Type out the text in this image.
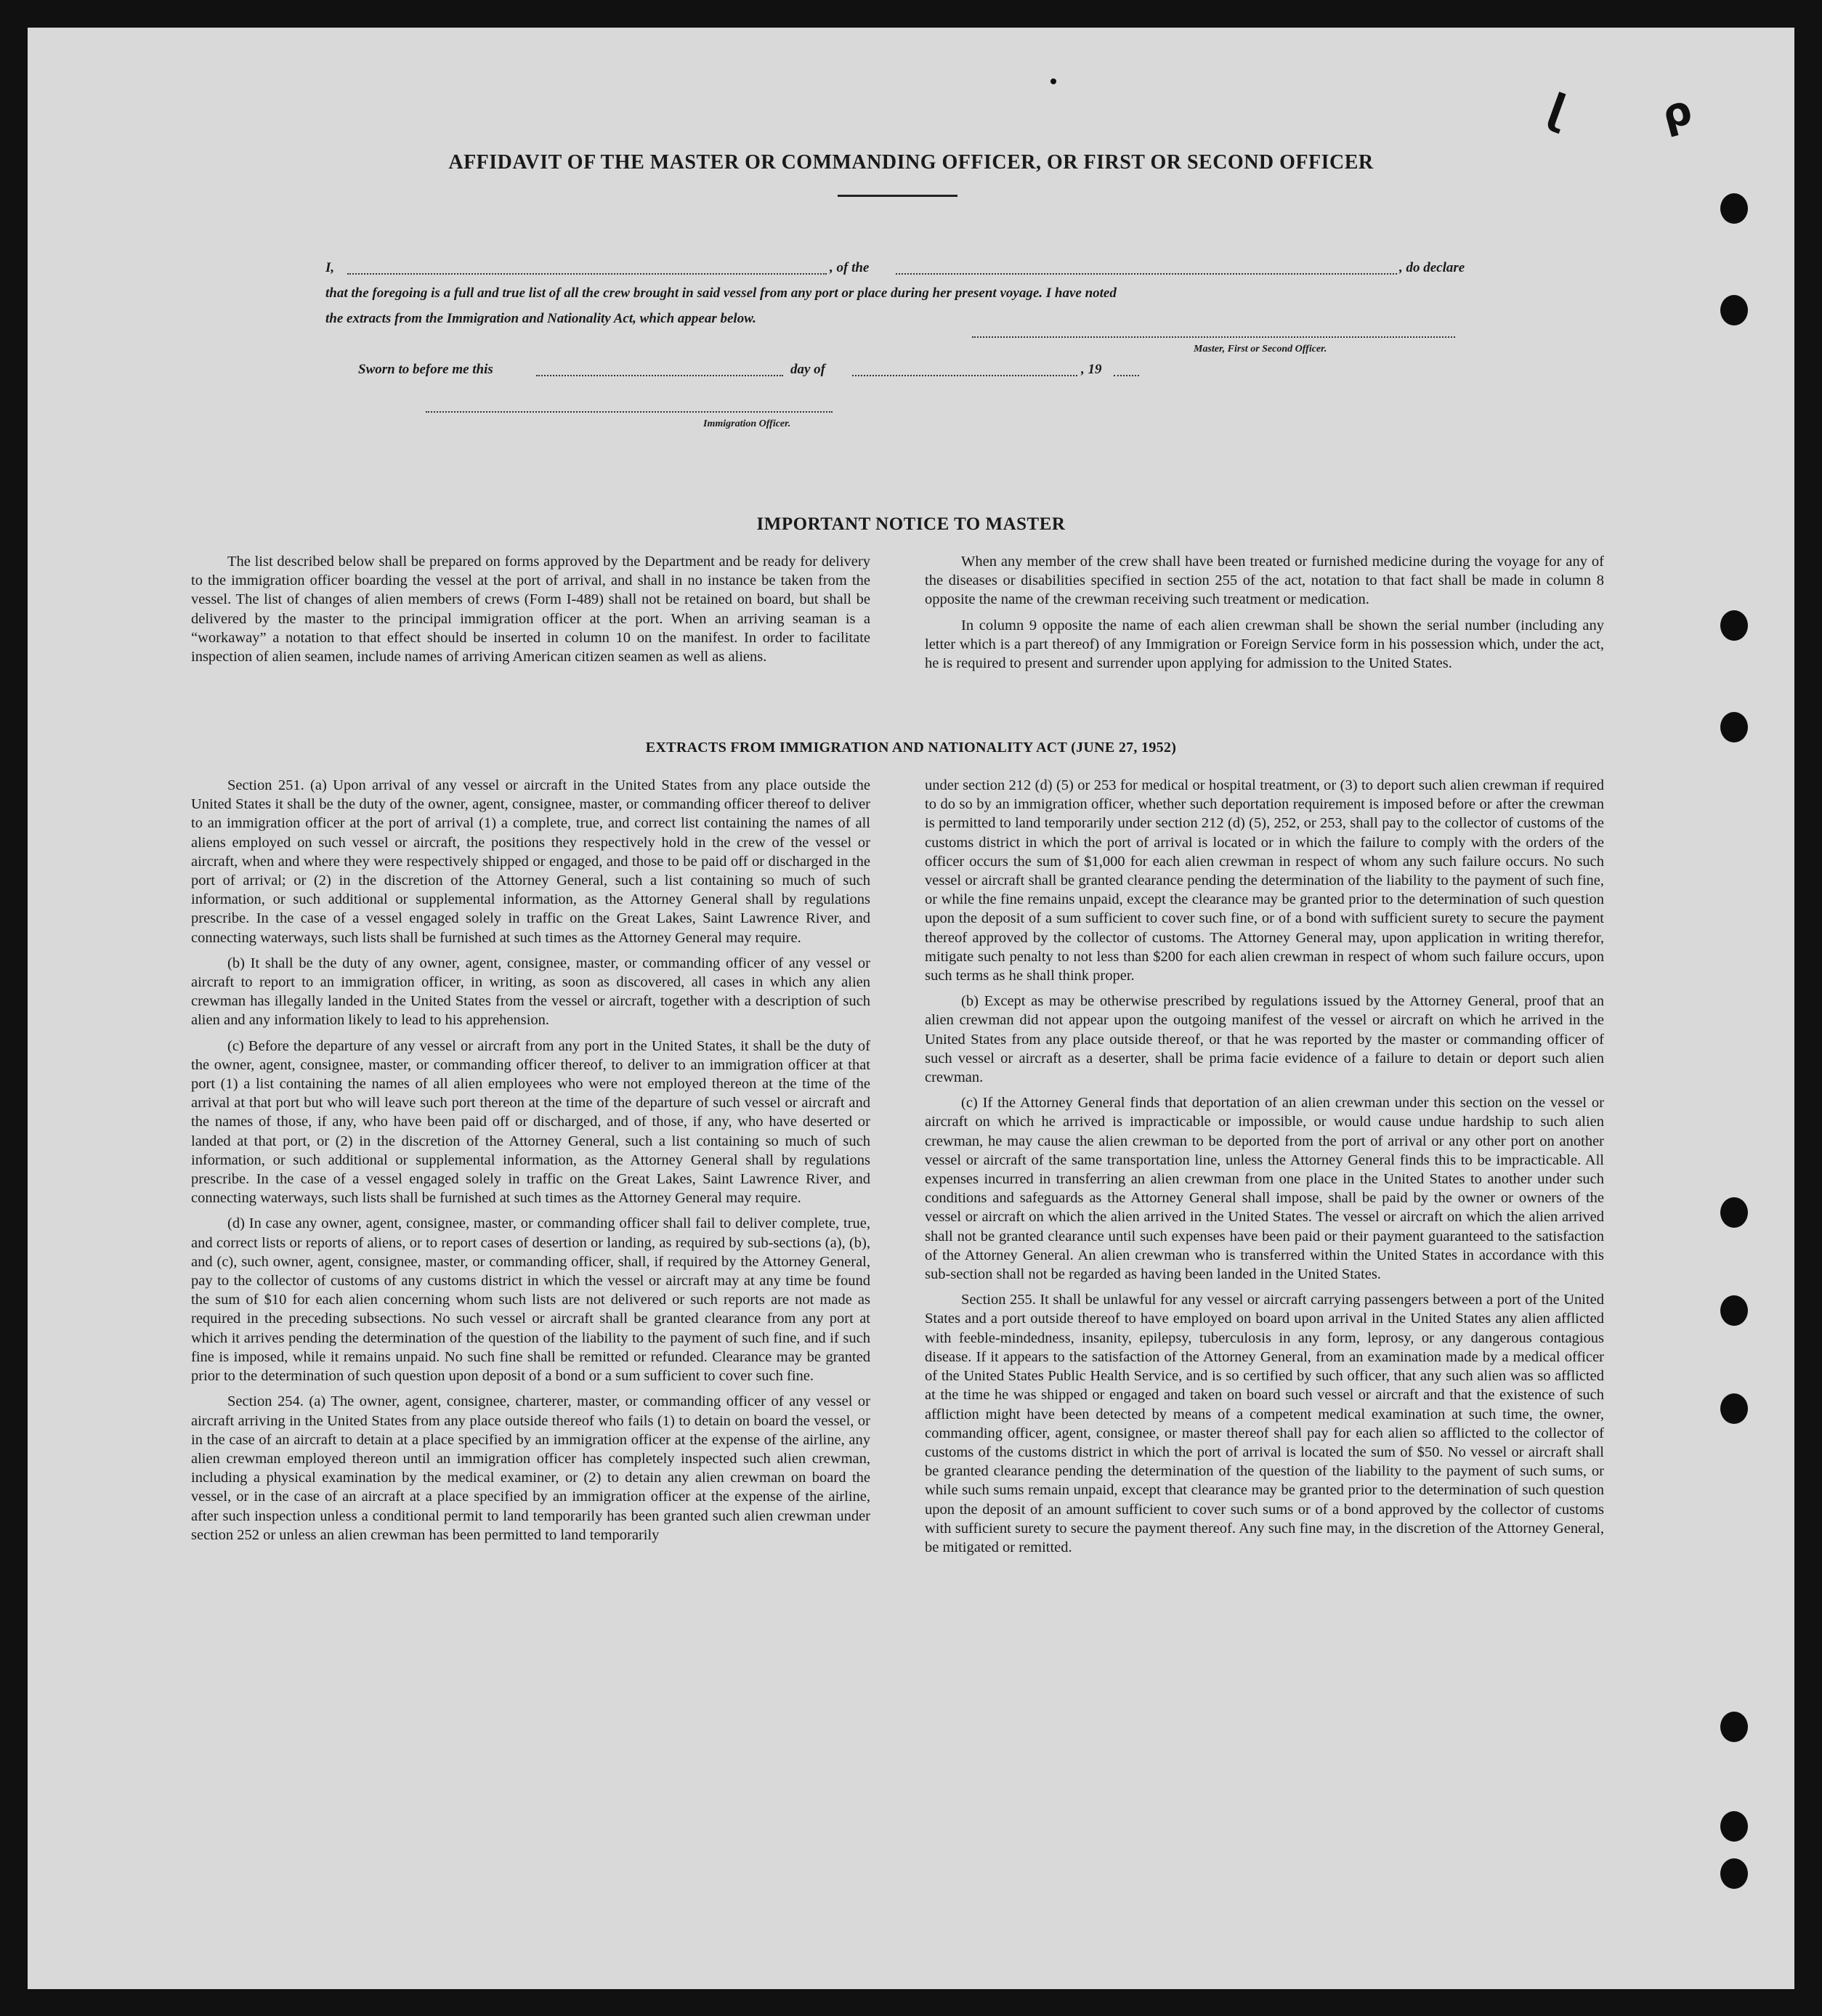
ɭ ρ
AFFIDAVIT OF THE MASTER OR COMMANDING OFFICER, OR FIRST OR SECOND OFFICER
I,	, of the	, do declare
that the foregoing is a full and true list of all the crew brought in said vessel from any port or place during her present voyage. I have noted
the extracts from the Immigration and Nationality Act, which appear below.
Master, First or Second Officer.
Sworn to before me this	day of	, 19
Immigration Officer.
IMPORTANT NOTICE TO MASTER

The list described below shall be prepared on forms approved by the Department and be ready for delivery to the immigration officer boarding the vessel at the port of arrival, and shall in no instance be taken from the vessel. The list of changes of alien members of crews (Form I-489) shall not be retained on board, but shall be delivered by the master to the principal immigration officer at the port. When an arriving seaman is a “workaway” a notation to that effect should be inserted in column 10 on the manifest. In order to facilitate inspection of alien seamen, include names of arriving American citizen seamen as well as aliens.

When any member of the crew shall have been treated or furnished medicine during the voyage for any of the diseases or disabilities specified in section 255 of the act, notation to that fact shall be made in column 8 opposite the name of the crewman receiving such treatment or medication.

In column 9 opposite the name of each alien crewman shall be shown the serial number (including any letter which is a part thereof) of any Immigration or Foreign Service form in his possession which, under the act, he is required to present and surrender upon applying for admission to the United States.

EXTRACTS FROM IMMIGRATION AND NATIONALITY ACT (JUNE 27, 1952)

Section 251. (a) Upon arrival of any vessel or aircraft in the United States from any place outside the United States it shall be the duty of the owner, agent, consignee, master, or commanding officer thereof to deliver to an immigration officer at the port of arrival (1) a complete, true, and correct list containing the names of all aliens employed on such vessel or aircraft, the positions they respectively hold in the crew of the vessel or aircraft, when and where they were respectively shipped or engaged, and those to be paid off or discharged in the port of arrival; or (2) in the discretion of the Attorney General, such a list containing so much of such information, or such additional or supplemental information, as the Attorney General shall by regulations prescribe. In the case of a vessel engaged solely in traffic on the Great Lakes, Saint Lawrence River, and connecting waterways, such lists shall be furnished at such times as the Attorney General may require.

(b) It shall be the duty of any owner, agent, consignee, master, or commanding officer of any vessel or aircraft to report to an immigration officer, in writing, as soon as discovered, all cases in which any alien crewman has illegally landed in the United States from the vessel or aircraft, together with a description of such alien and any information likely to lead to his apprehension.

(c) Before the departure of any vessel or aircraft from any port in the United States, it shall be the duty of the owner, agent, consignee, master, or commanding officer thereof, to deliver to an immigration officer at that port (1) a list containing the names of all alien employees who were not employed thereon at the time of the arrival at that port but who will leave such port thereon at the time of the departure of such vessel or aircraft and the names of those, if any, who have been paid off or discharged, and of those, if any, who have deserted or landed at that port, or (2) in the discretion of the Attorney General, such a list containing so much of such information, or such additional or supplemental information, as the Attorney General shall by regulations prescribe. In the case of a vessel engaged solely in traffic on the Great Lakes, Saint Lawrence River, and connecting waterways, such lists shall be furnished at such times as the Attorney General may require.

(d) In case any owner, agent, consignee, master, or commanding officer shall fail to deliver complete, true, and correct lists or reports of aliens, or to report cases of desertion or landing, as required by sub-sections (a), (b), and (c), such owner, agent, consignee, master, or commanding officer, shall, if required by the Attorney General, pay to the collector of customs of any customs district in which the vessel or aircraft may at any time be found the sum of $10 for each alien concerning whom such lists are not delivered or such reports are not made as required in the preceding subsections. No such vessel or aircraft shall be granted clearance from any port at which it arrives pending the determination of the question of the liability to the payment of such fine, and if such fine is imposed, while it remains unpaid. No such fine shall be remitted or refunded. Clearance may be granted prior to the determination of such question upon deposit of a bond or a sum sufficient to cover such fine.

Section 254. (a) The owner, agent, consignee, charterer, master, or commanding officer of any vessel or aircraft arriving in the United States from any place outside thereof who fails (1) to detain on board the vessel, or in the case of an aircraft to detain at a place specified by an immigration officer at the expense of the airline, any alien crewman employed thereon until an immigration officer has completely inspected such alien crewman, including a physical examination by the medical examiner, or (2) to detain any alien crewman on board the vessel, or in the case of an aircraft at a place specified by an immigration officer at the expense of the airline, after such inspection unless a conditional permit to land temporarily has been granted such alien crewman under section 252 or unless an alien crewman has been permitted to land temporarily

under section 212 (d) (5) or 253 for medical or hospital treatment, or (3) to deport such alien crewman if required to do so by an immigration officer, whether such deportation requirement is imposed before or after the crewman is permitted to land temporarily under section 212 (d) (5), 252, or 253, shall pay to the collector of customs of the customs district in which the port of arrival is located or in which the failure to comply with the orders of the officer occurs the sum of $1,000 for each alien crewman in respect of whom any such failure occurs. No such vessel or aircraft shall be granted clearance pending the determination of the liability to the payment of such fine, or while the fine remains unpaid, except the clearance may be granted prior to the determination of such question upon the deposit of a sum sufficient to cover such fine, or of a bond with sufficient surety to secure the payment thereof approved by the collector of customs. The Attorney General may, upon application in writing therefor, mitigate such penalty to not less than $200 for each alien crewman in respect of whom such failure occurs, upon such terms as he shall think proper.

(b) Except as may be otherwise prescribed by regulations issued by the Attorney General, proof that an alien crewman did not appear upon the outgoing manifest of the vessel or aircraft on which he arrived in the United States from any place outside thereof, or that he was reported by the master or commanding officer of such vessel or aircraft as a deserter, shall be prima facie evidence of a failure to detain or deport such alien crewman.

(c) If the Attorney General finds that deportation of an alien crewman under this section on the vessel or aircraft on which he arrived is impracticable or impossible, or would cause undue hardship to such alien crewman, he may cause the alien crewman to be deported from the port of arrival or any other port on another vessel or aircraft of the same transportation line, unless the Attorney General finds this to be impracticable. All expenses incurred in transferring an alien crewman from one place in the United States to another under such conditions and safeguards as the Attorney General shall impose, shall be paid by the owner or owners of the vessel or aircraft on which the alien arrived in the United States. The vessel or aircraft on which the alien arrived shall not be granted clearance until such expenses have been paid or their payment guaranteed to the satisfaction of the Attorney General. An alien crewman who is transferred within the United States in accordance with this sub-section shall not be regarded as having been landed in the United States.

Section 255. It shall be unlawful for any vessel or aircraft carrying passengers between a port of the United States and a port outside thereof to have employed on board upon arrival in the United States any alien afflicted with feeble-mindedness, insanity, epilepsy, tuberculosis in any form, leprosy, or any dangerous contagious disease. If it appears to the satisfaction of the Attorney General, from an examination made by a medical officer of the United States Public Health Service, and is so certified by such officer, that any such alien was so afflicted at the time he was shipped or engaged and taken on board such vessel or aircraft and that the existence of such affliction might have been detected by means of a competent medical examination at such time, the owner, commanding officer, agent, consignee, or master thereof shall pay for each alien so afflicted to the collector of customs of the customs district in which the port of arrival is located the sum of $50. No vessel or aircraft shall be granted clearance pending the determination of the question of the liability to the payment of such sums, or while such sums remain unpaid, except that clearance may be granted prior to the determination of such question upon the deposit of an amount sufficient to cover such sums or of a bond approved by the collector of customs with sufficient surety to secure the payment thereof. Any such fine may, in the discretion of the Attorney General, be mitigated or remitted.
